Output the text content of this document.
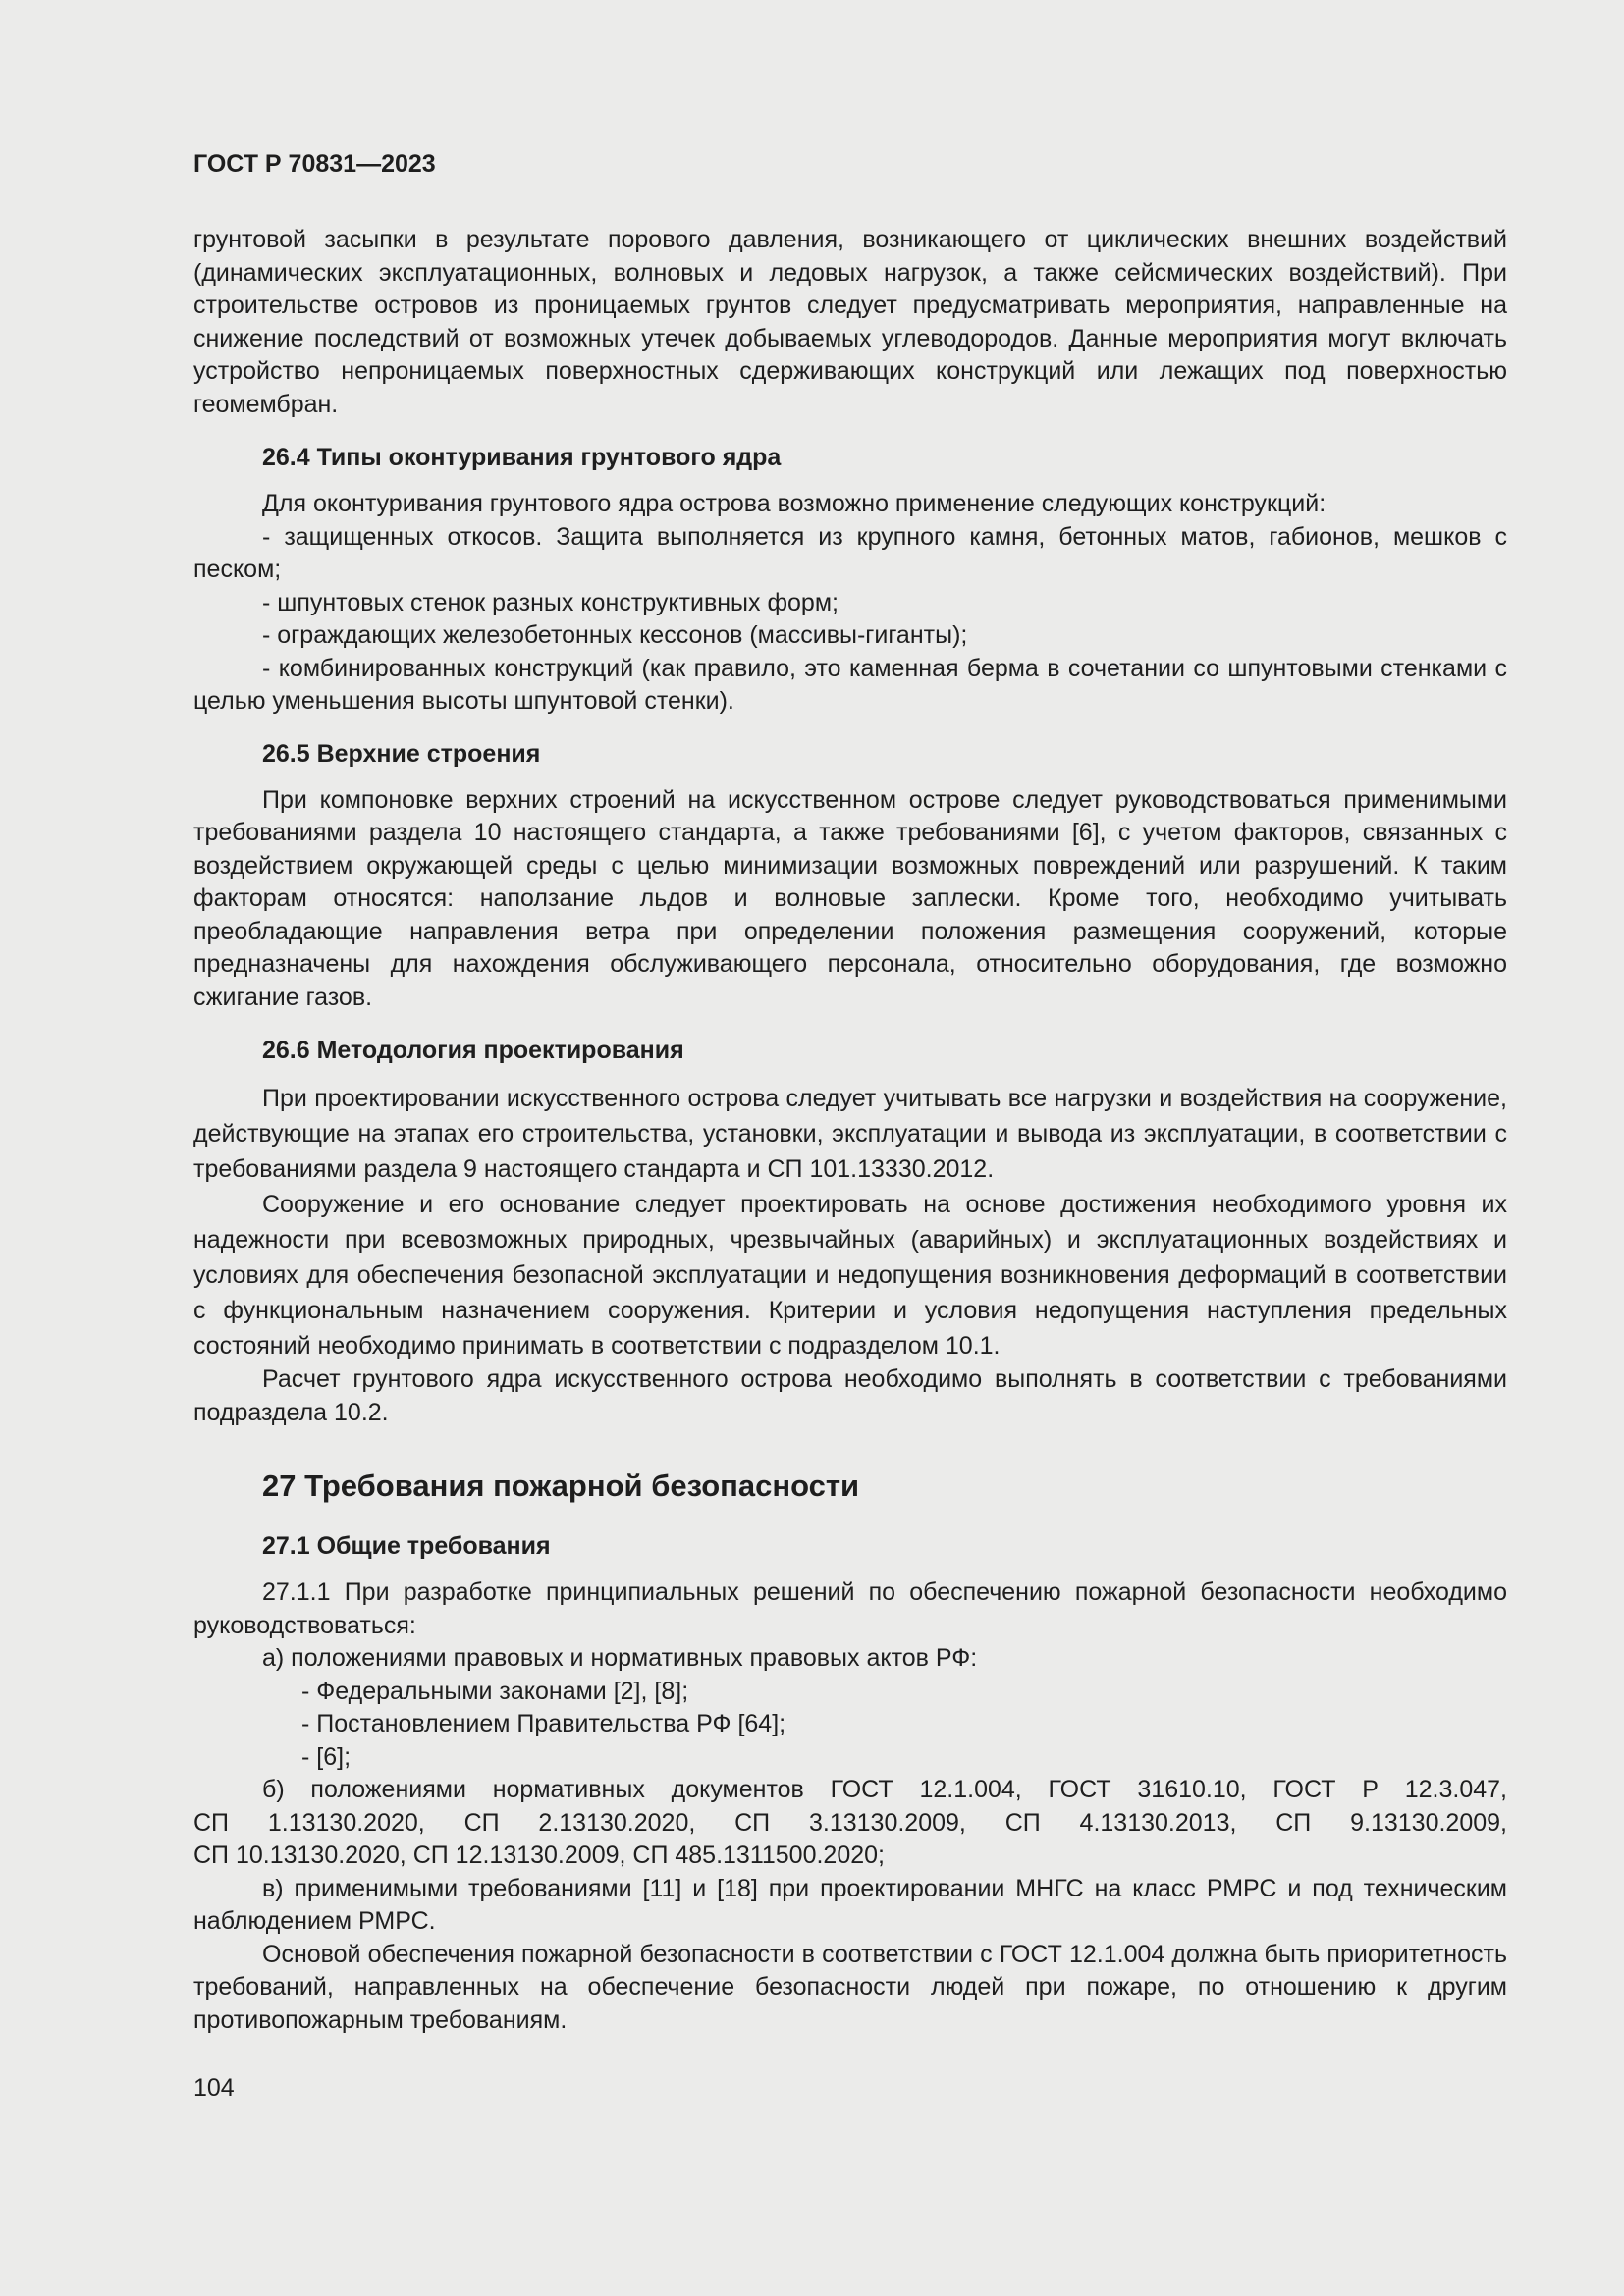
ГОСТ Р 70831—2023

грунтовой засыпки в результате порового давления, возникающего от циклических внешних воздействий (динамических эксплуатационных, волновых и ледовых нагрузок, а также сейсмических воздействий). При строительстве островов из проницаемых грунтов следует предусматривать мероприятия, направленные на снижение последствий от возможных утечек добываемых углеводородов. Данные мероприятия могут включать устройство непроницаемых поверхностных сдерживающих конструкций или лежащих под поверхностью геомембран.

26.4 Типы оконтуривания грунтового ядра

Для оконтуривания грунтового ядра острова возможно применение следующих конструкций:

- защищенных откосов. Защита выполняется из крупного камня, бетонных матов, габионов, мешков с песком;

- шпунтовых стенок разных конструктивных форм;

- ограждающих железобетонных кессонов (массивы-гиганты);

- комбинированных конструкций (как правило, это каменная берма в сочетании со шпунтовыми стенками с целью уменьшения высоты шпунтовой стенки).

26.5 Верхние строения

При компоновке верхних строений на искусственном острове следует руководствоваться применимыми требованиями раздела 10 настоящего стандарта, а также требованиями [6], с учетом факторов, связанных с воздействием окружающей среды с целью минимизации возможных повреждений или разрушений. К таким факторам относятся: наползание льдов и волновые заплески. Кроме того, необходимо учитывать преобладающие направления ветра при определении положения размещения сооружений, которые предназначены для нахождения обслуживающего персонала, относительно оборудования, где возможно сжигание газов.

26.6 Методология проектирования

При проектировании искусственного острова следует учитывать все нагрузки и воздействия на сооружение, действующие на этапах его строительства, установки, эксплуатации и вывода из эксплуатации, в соответствии с требованиями раздела 9 настоящего стандарта и СП 101.13330.2012.

Сооружение и его основание следует проектировать на основе достижения необходимого уровня их надежности при всевозможных природных, чрезвычайных (аварийных) и эксплуатационных воздействиях и условиях для обеспечения безопасной эксплуатации и недопущения возникновения деформаций в соответствии с функциональным назначением сооружения. Критерии и условия недопущения наступления предельных состояний необходимо принимать в соответствии с подразделом 10.1.

Расчет грунтового ядра искусственного острова необходимо выполнять в соответствии с требованиями подраздела 10.2.

27 Требования пожарной безопасности
27.1 Общие требования

27.1.1 При разработке принципиальных решений по обеспечению пожарной безопасности необходимо руководствоваться:

а) положениями правовых и нормативных правовых актов РФ:

- Федеральными законами [2], [8];

- Постановлением Правительства РФ [64];

- [6];

б) положениями нормативных документов ГОСТ 12.1.004, ГОСТ 31610.10, ГОСТ Р 12.3.047,

СП 1.13130.2020, СП 2.13130.2020, СП 3.13130.2009, СП 4.13130.2013, СП 9.13130.2009,

СП 10.13130.2020, СП 12.13130.2009, СП 485.1311500.2020;

в) применимыми требованиями [11] и [18] при проектировании МНГС на класс РМРС и под техническим наблюдением РМРС.

Основой обеспечения пожарной безопасности в соответствии с ГОСТ 12.1.004 должна быть приоритетность требований, направленных на обеспечение безопасности людей при пожаре, по отношению к другим противопожарным требованиям.

104
